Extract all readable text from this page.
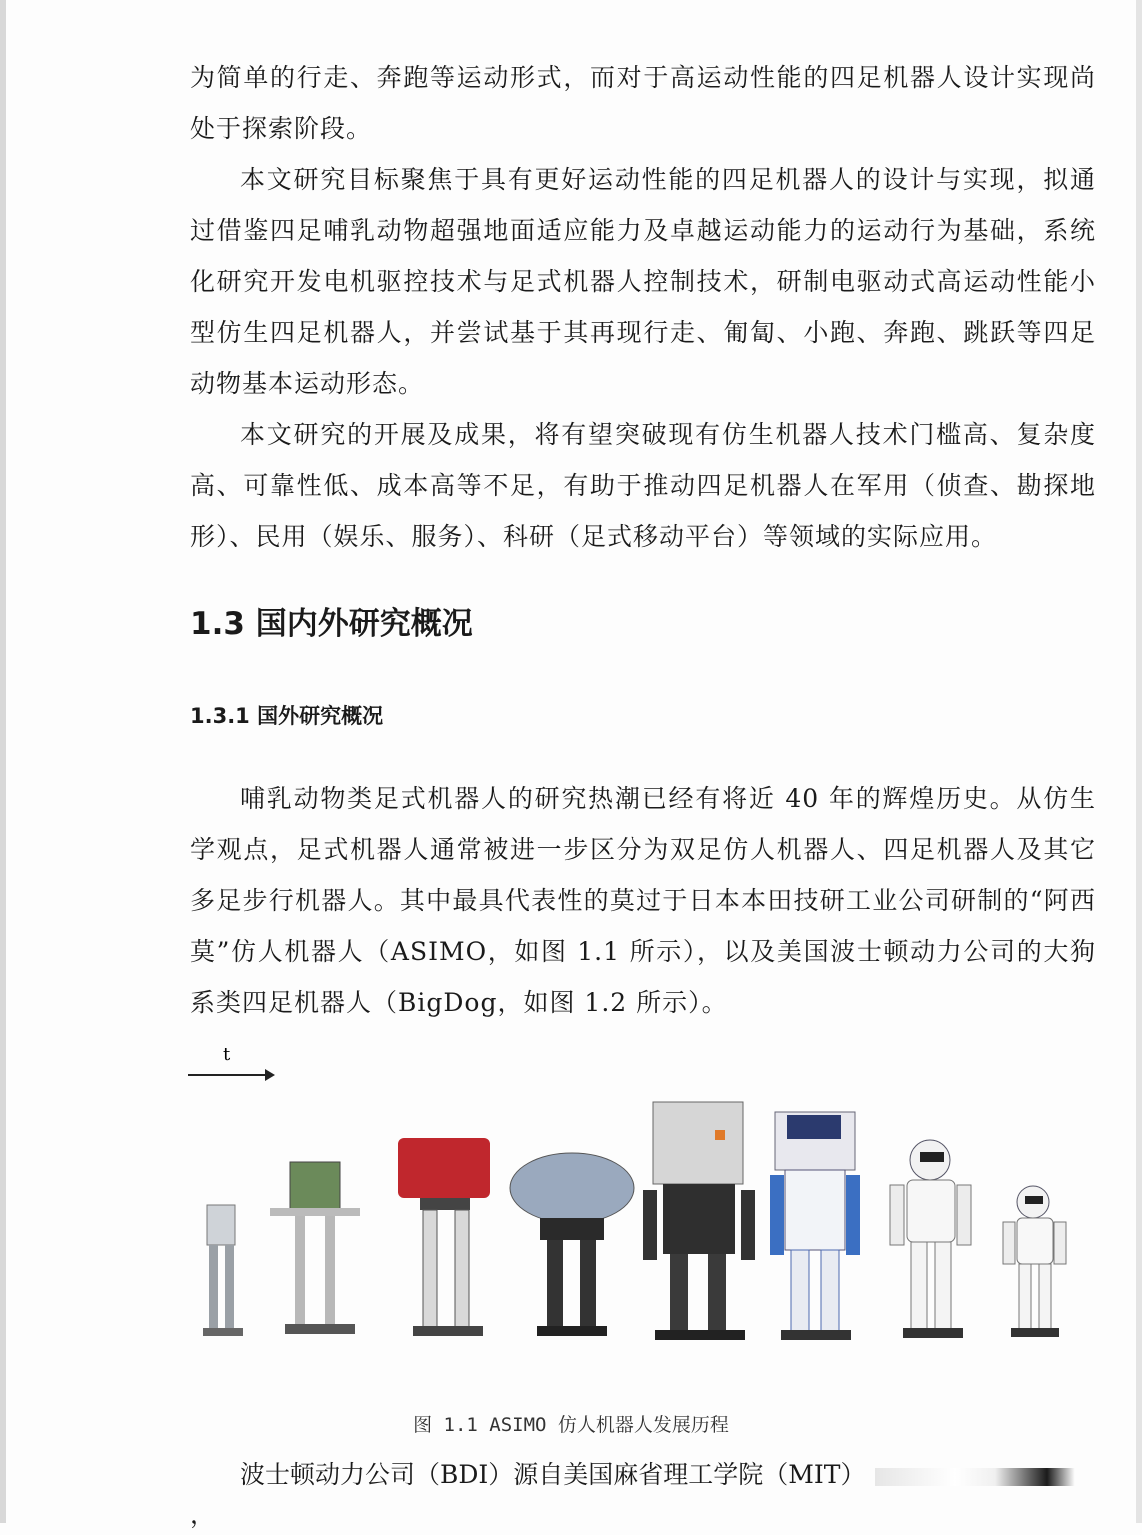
为简单的行走、奔跑等运动形式，而对于高运动性能的四足机器人设计实现尚处于探索阶段。

本文研究目标聚焦于具有更好运动性能的四足机器人的设计与实现，拟通过借鉴四足哺乳动物超强地面适应能力及卓越运动能力的运动行为基础，系统化研究开发电机驱控技术与足式机器人控制技术，研制电驱动式高运动性能小型仿生四足机器人，并尝试基于其再现行走、匍匐、小跑、奔跑、跳跃等四足动物基本运动形态。

本文研究的开展及成果，将有望突破现有仿生机器人技术门槛高、复杂度高、可靠性低、成本高等不足，有助于推动四足机器人在军用（侦查、勘探地形）、民用（娱乐、服务）、科研（足式移动平台）等领域的实际应用。

1.3 国内外研究概况
1.3.1 国外研究概况

哺乳动物类足式机器人的研究热潮已经有将近 40 年的辉煌历史。从仿生学观点，足式机器人通常被进一步区分为双足仿人机器人、四足机器人及其它多足步行机器人。其中最具代表性的莫过于日本本田技研工业公司研制的“阿西莫”仿人机器人（ASIMO，如图 1.1 所示），以及美国波士顿动力公司的大狗系类四足机器人（BigDog，如图 1.2 所示）。

t
图 1.1 ASIMO 仿人机器人发展历程
波士顿动力公司（BDI）源自美国麻省理工学院（MIT），
